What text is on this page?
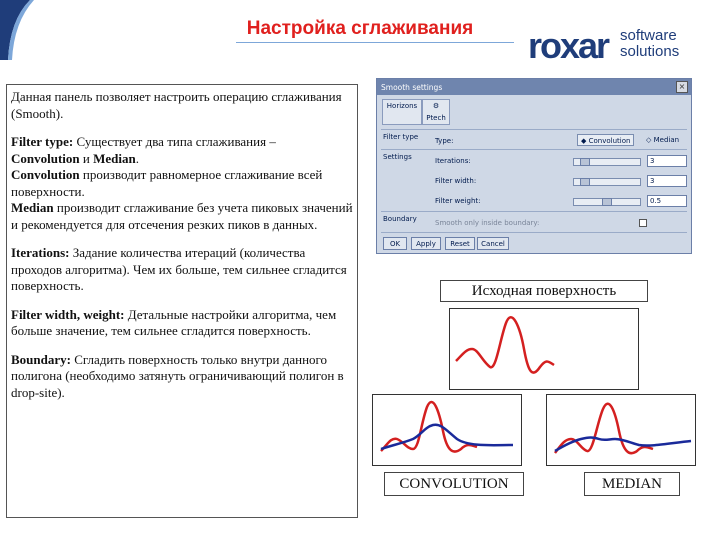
Настройка сглаживания	roxar software
solutions

Данная панель позволяет настроить операцию сглаживания (Smooth).

Filter type: Существует два типа сглаживания –
Convolution и Median.
Convolution производит равномерное сглаживание всей поверхности.
Median производит сглаживание без учета пиковых значений и рекомендуется для отсечения резких пиков в данных.

Iterations: Задание количества итераций (количества проходов алгоритма). Чем их больше, тем сильнее сгладится поверхность.

Filter width, weight: Детальные настройки алгоритма, чем больше значение, тем сильнее сгладится поверхность.

Boundary: Сгладить поверхность только внутри данного полигона (необходимо затянуть ограничивающий полигон в drop-site).

Smooth settings	×
Horizons	⚙
Ptech
Filter type Type:	◆ Convolution	◇ Median
Settings	Iterations:	3
Filter width:	3
Filter weight:	0.5
Boundary	Smooth only inside boundary:
OK	Apply	Reset	Cancel
Исходная поверхность
CONVOLUTION	MEDIAN
